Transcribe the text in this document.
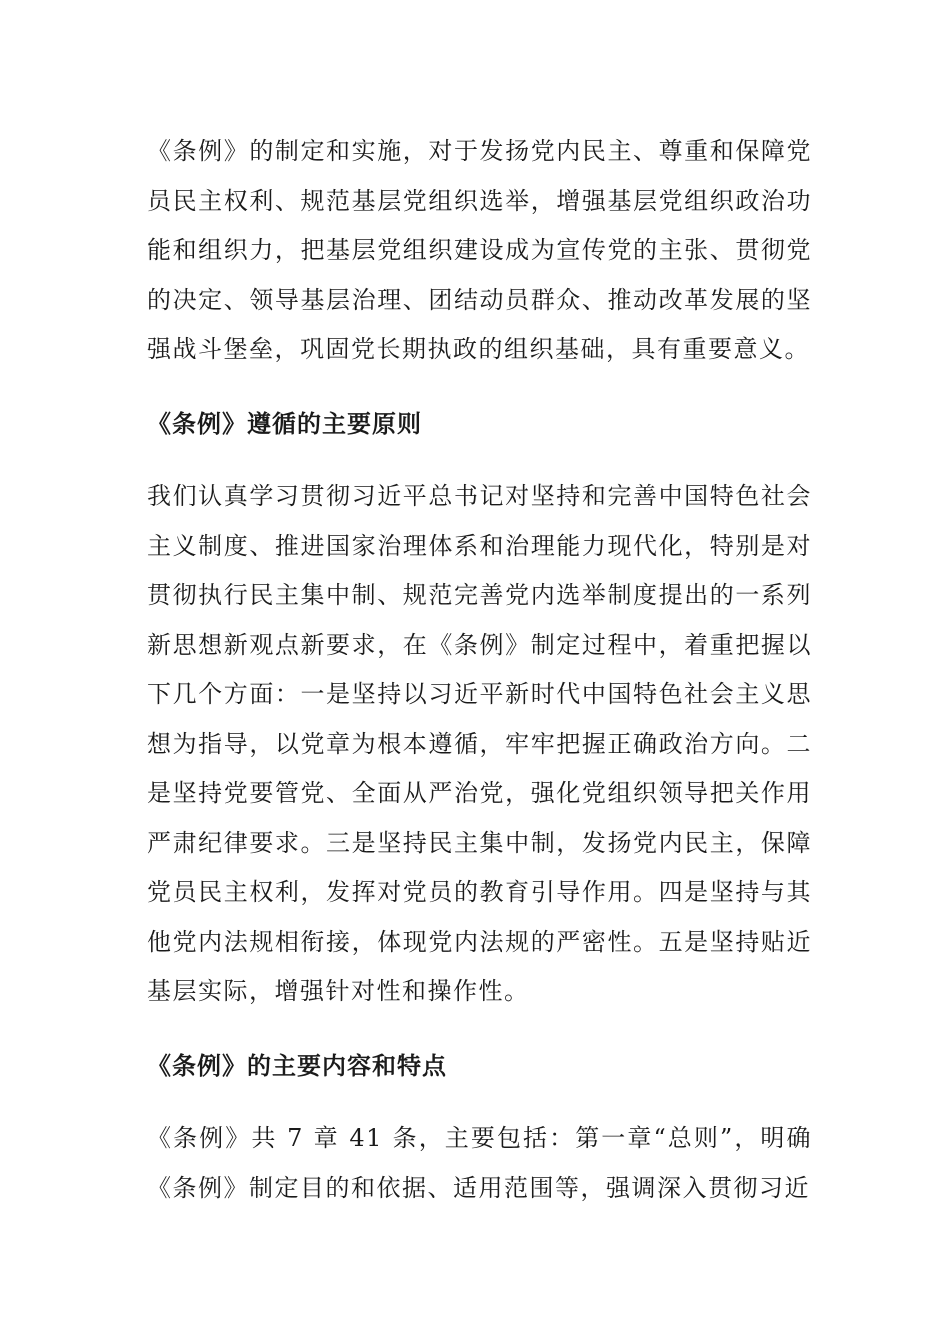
《条例》的制定和实施，对于发扬党内民主、尊重和保障党员民主权利、规范基层党组织选举，增强基层党组织政治功能和组织力，把基层党组织建设成为宣传党的主张、贯彻党的决定、领导基层治理、团结动员群众、推动改革发展的坚强战斗堡垒，巩固党长期执政的组织基础，具有重要意义。

《条例》遵循的主要原则

我们认真学习贯彻习近平总书记对坚持和完善中国特色社会主义制度、推进国家治理体系和治理能力现代化，特别是对贯彻执行民主集中制、规范完善党内选举制度提出的一系列新思想新观点新要求，在《条例》制定过程中，着重把握以下几个方面：一是坚持以习近平新时代中国特色社会主义思想为指导，以党章为根本遵循，牢牢把握正确政治方向。二是坚持党要管党、全面从严治党，强化党组织领导把关作用严肃纪律要求。三是坚持民主集中制，发扬党内民主，保障党员民主权利，发挥对党员的教育引导作用。四是坚持与其他党内法规相衔接，体现党内法规的严密性。五是坚持贴近基层实际，增强针对性和操作性。

《条例》的主要内容和特点

《条例》共 7 章 41 条，主要包括：第一章“总则”，明确《条例》制定目的和依据、适用范围等，强调深入贯彻习近
